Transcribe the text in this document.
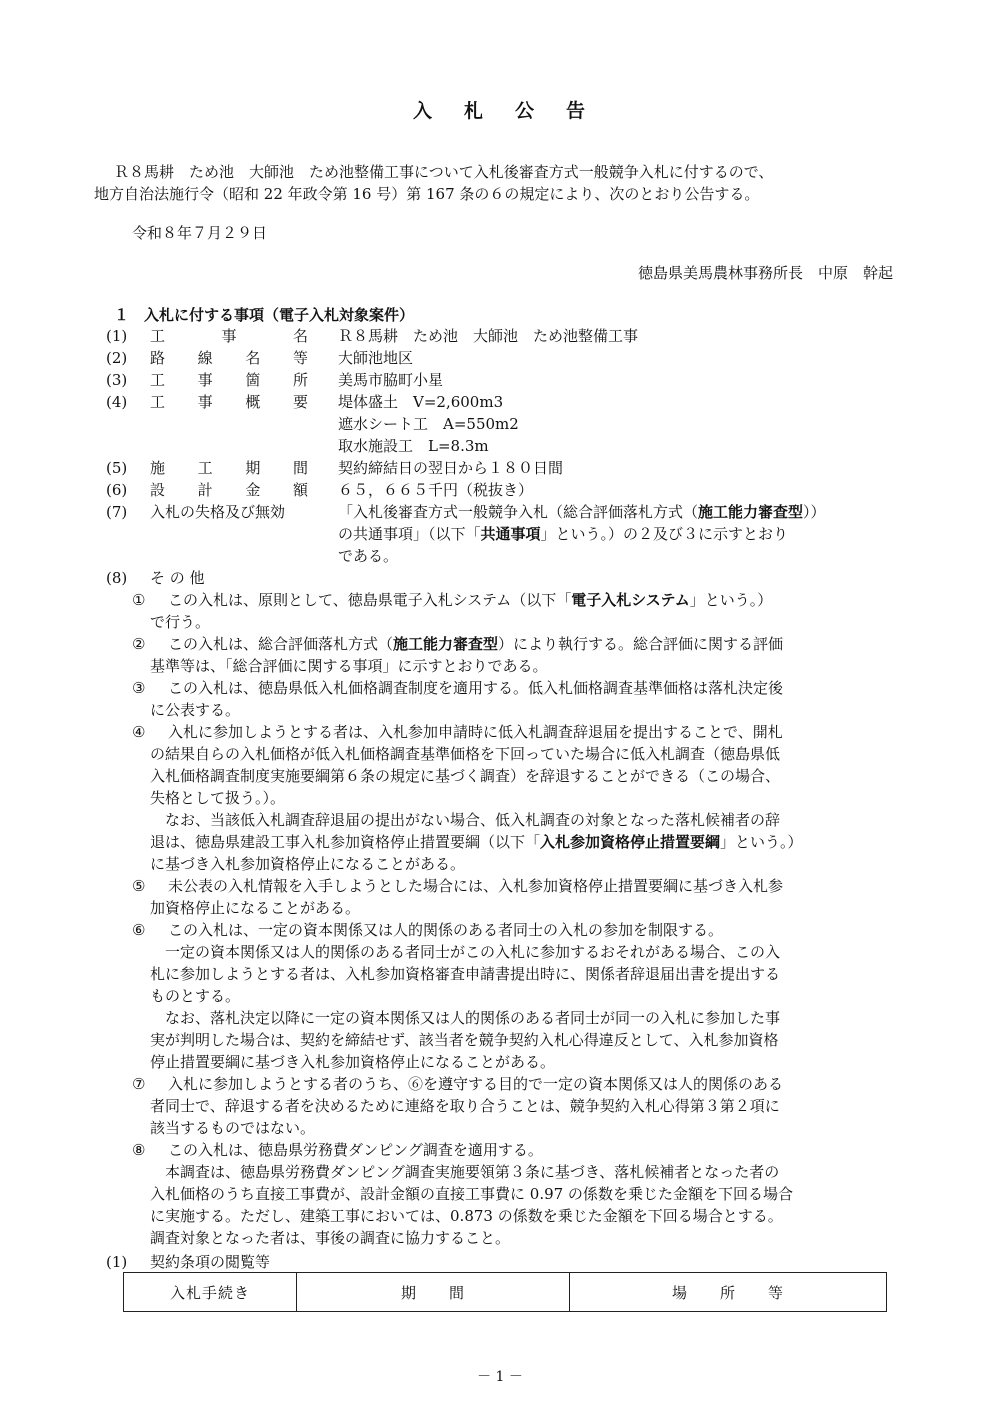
入 札 公 告
Ｒ８馬耕　ため池　大師池　ため池整備工事について入札後審査方式一般競争入札に付するので、
地方自治法施行令（昭和 22 年政令第 16 号）第 167 条の６の規定により、次のとおり公告する。
令和８年７月２９日
徳島県美馬農林事務所長　中原　幹起
１　入札に付する事項（電子入札対象案件）
(1) 工	事	名 Ｒ８馬耕　ため池　大師池　ため池整備工事
(2) 路 線 名 等 大師池地区
(3) 工 事 箇 所 美馬市脇町小星
(4) 工 事 概 要 堤体盛土　V=2,600m3
遮水シート工　A=550m2
取水施設工　L=8.3m
(5) 施 工 期 間 契約締結日の翌日から１８０日間
(6) 設 計 金 額 ６５，６６５千円（税抜き）
(7) 入札の失格及び無効	「入札後審査方式一般競争入札（総合評価落札方式（施工能力審査型））
の共通事項」（以下「共通事項」という。）の２及び３に示すとおり
である。
(8) そ の 他
① この入札は、原則として、徳島県電子入札システム（以下「電子入札システム」という。）
で行う。
② この入札は、総合評価落札方式（施工能力審査型）により執行する。総合評価に関する評価
基準等は、「総合評価に関する事項」に示すとおりである。
③ この入札は、徳島県低入札価格調査制度を適用する。低入札価格調査基準価格は落札決定後
に公表する。
④ 入札に参加しようとする者は、入札参加申請時に低入札調査辞退届を提出することで、開札
の結果自らの入札価格が低入札価格調査基準価格を下回っていた場合に低入札調査（徳島県低
入札価格調査制度実施要綱第６条の規定に基づく調査）を辞退することができる（この場合、
失格として扱う。）。
　なお、当該低入札調査辞退届の提出がない場合、低入札調査の対象となった落札候補者の辞
退は、徳島県建設工事入札参加資格停止措置要綱（以下「入札参加資格停止措置要綱」という。）
に基づき入札参加資格停止になることがある。
⑤ 未公表の入札情報を入手しようとした場合には、入札参加資格停止措置要綱に基づき入札参
加資格停止になることがある。
⑥ この入札は、一定の資本関係又は人的関係のある者同士の入札の参加を制限する。
　一定の資本関係又は人的関係のある者同士がこの入札に参加するおそれがある場合、この入
札に参加しようとする者は、入札参加資格審査申請書提出時に、関係者辞退届出書を提出する
ものとする。
　なお、落札決定以降に一定の資本関係又は人的関係のある者同士が同一の入札に参加した事
実が判明した場合は、契約を締結せず、該当者を競争契約入札心得違反として、入札参加資格
停止措置要綱に基づき入札参加資格停止になることがある。
⑦ 入札に参加しようとする者のうち、⑥を遵守する目的で一定の資本関係又は人的関係のある
者同士で、辞退する者を決めるために連絡を取り合うことは、競争契約入札心得第３第２項に
該当するものではない。
⑧ この入札は、徳島県労務費ダンピング調査を適用する。
　本調査は、徳島県労務費ダンピング調査実施要領第３条に基づき、落札候補者となった者の
入札価格のうち直接工事費が、設計金額の直接工事費に 0.97 の係数を乗じた金額を下回る場合
に実施する。ただし、建築工事においては、0.873 の係数を乗じた金額を下回る場合とする。
調査対象となった者は、事後の調査に協力すること。
(1) 契約条項の閲覧等
入札手続き	期　　間	場　　所　　等
－ 1 －
